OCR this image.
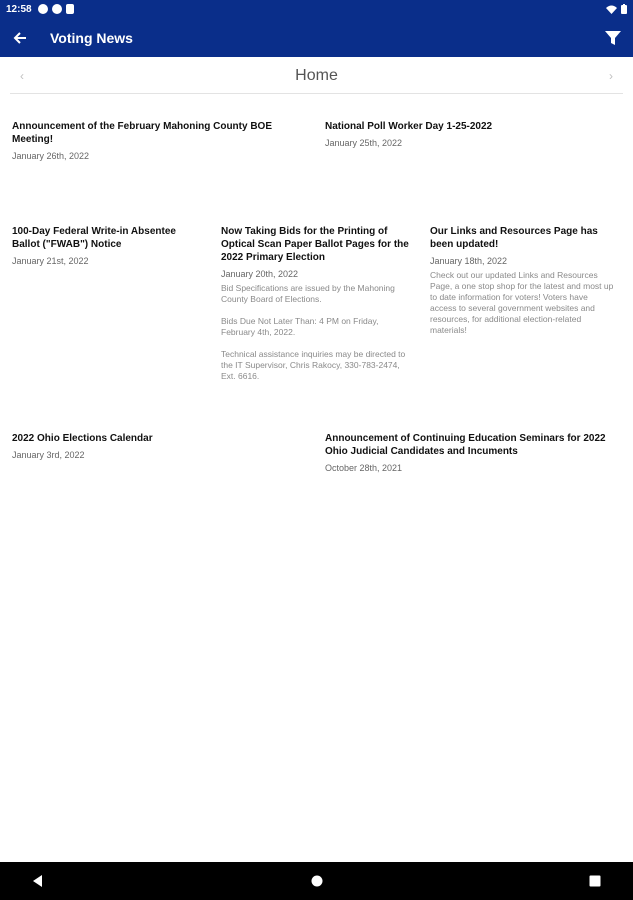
12:58
Voting News
‹	Home	›
Announcement of the February Mahoning County BOE Meeting!
January 26th, 2022
National Poll Worker Day 1-25-2022
January 25th, 2022
100-Day Federal Write-in Absentee Ballot ("FWAB") Notice
January 21st, 2022
Now Taking Bids for the Printing of Optical Scan Paper Ballot Pages for the 2022 Primary Election
January 20th, 2022

Bid Specifications are issued by the Mahoning County Board of Elections.

Bids Due Not Later Than: 4 PM on Friday, February 4th, 2022.

Technical assistance inquiries may be directed to the IT Supervisor, Chris Rakocy, 330-783-2474, Ext. 6616.

Our Links and Resources Page has been updated!
January 18th, 2022

Check out our updated Links and Resources Page, a one stop shop for the latest and most up to date information for voters! Voters have access to several government websites and resources, for additional election-related materials!

2022 Ohio Elections Calendar
January 3rd, 2022
Announcement of Continuing Education Seminars for 2022 Ohio Judicial Candidates and Incuments
October 28th, 2021
